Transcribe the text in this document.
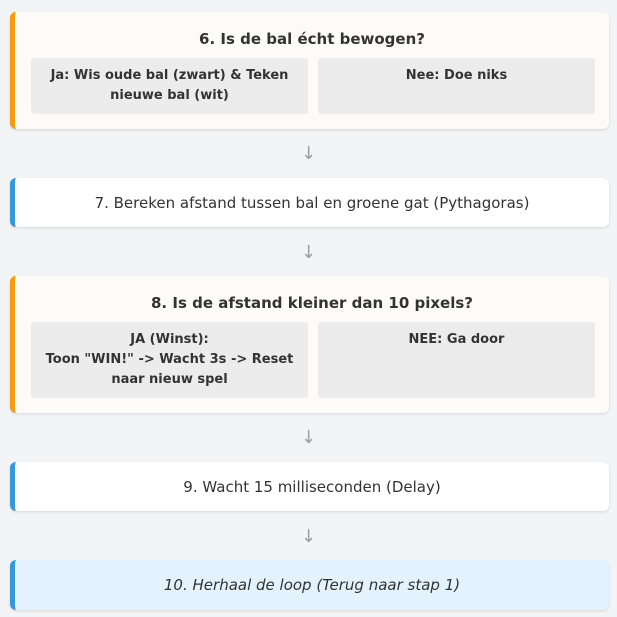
6. Is de bal écht bewogen?
Ja: Wis oude bal (zwart) & Teken nieuwe bal (wit)
Nee: Doe niks
↓
7. Bereken afstand tussen bal en groene gat (Pythagoras)
↓
8. Is de afstand kleiner dan 10 pixels?
JA (Winst):
Toon "WIN!" -> Wacht 3s -> Reset naar nieuw spel
NEE: Ga door
↓
9. Wacht 15 milliseconden (Delay)
↓
10. Herhaal de loop (Terug naar stap 1)
